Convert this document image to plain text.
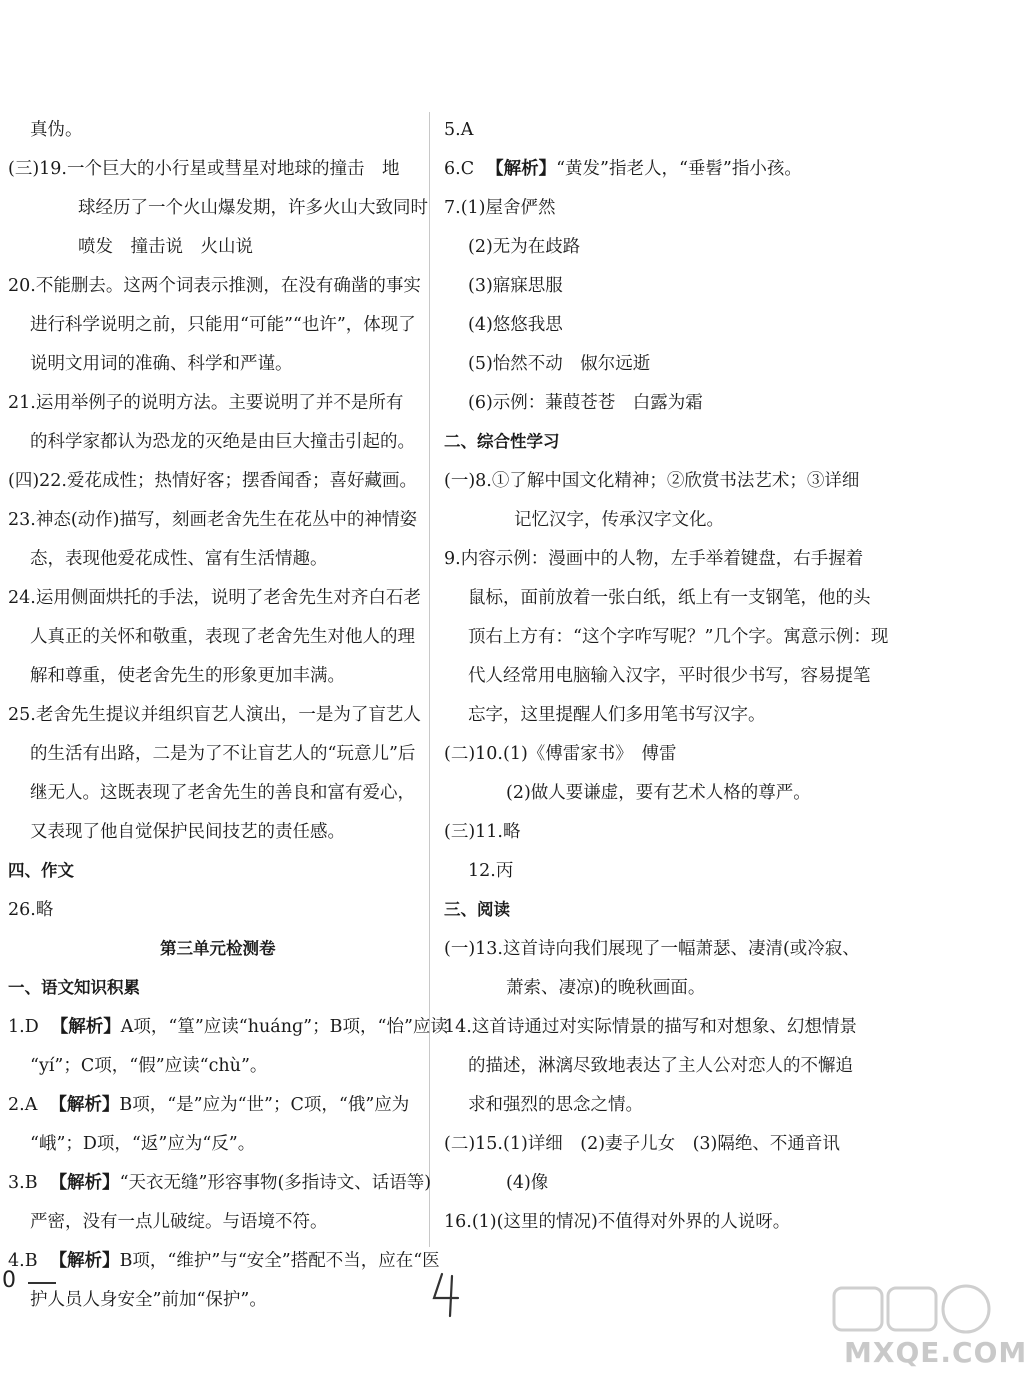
真伪。
(三)19.一个巨大的小行星或彗星对地球的撞击　地
球经历了一个火山爆发期，许多火山大致同时
喷发　撞击说　火山说
20.不能删去。这两个词表示推测，在没有确凿的事实
进行科学说明之前，只能用“可能”“也许”，体现了
说明文用词的准确、科学和严谨。
21.运用举例子的说明方法。主要说明了并不是所有
的科学家都认为恐龙的灭绝是由巨大撞击引起的。
(四)22.爱花成性；热情好客；摆香闻香；喜好藏画。
23.神态(动作)描写，刻画老舍先生在花丛中的神情姿
态，表现他爱花成性、富有生活情趣。
24.运用侧面烘托的手法，说明了老舍先生对齐白石老
人真正的关怀和敬重，表现了老舍先生对他人的理
解和尊重，使老舍先生的形象更加丰满。
25.老舍先生提议并组织盲艺人演出，一是为了盲艺人
的生活有出路，二是为了不让盲艺人的“玩意儿”后
继无人。这既表现了老舍先生的善良和富有爱心，
又表现了他自觉保护民间技艺的责任感。
四、作文
26.略
第三单元检测卷
一、语文知识积累
1.D 【解析】A项，“篁”应读“huánɡ”；B项，“怡”应读
“yí”；C项，“假”应读“chù”。
2.A 【解析】B项，“是”应为“世”；C项，“俄”应为
“峨”；D项，“返”应为“反”。
3.B 【解析】“天衣无缝”形容事物(多指诗文、话语等)
严密，没有一点儿破绽。与语境不符。
4.B 【解析】B项，“维护”与“安全”搭配不当，应在“医
5.A
6.C 【解析】“黄发”指老人，“垂髫”指小孩。
7.(1)屋舍俨然
(2)无为在歧路
(3)寤寐思服
(4)悠悠我思
(5)怡然不动　俶尔远逝
(6)示例：蒹葭苍苍　白露为霜
二、综合性学习
(一)8.①了解中国文化精神；②欣赏书法艺术；③详细
记忆汉字，传承汉字文化。
9.内容示例：漫画中的人物，左手举着键盘，右手握着
鼠标，面前放着一张白纸，纸上有一支钢笔，他的头
顶右上方有：“这个字咋写呢？”几个字。寓意示例：现
代人经常用电脑输入汉字，平时很少书写，容易提笔
忘字，这里提醒人们多用笔书写汉字。
(二)10.(1)《傅雷家书》　傅雷
(2)做人要谦虚，要有艺术人格的尊严。
(三)11.略
12.丙
三、阅读
(一)13.这首诗向我们展现了一幅萧瑟、凄清(或冷寂、
萧索、凄凉)的晚秋画面。
14.这首诗通过对实际情景的描写和对想象、幻想情景
的描述，淋漓尽致地表达了主人公对恋人的不懈追
求和强烈的思念之情。
(二)15.(1)详细　(2)妻子儿女　(3)隔绝、不通音讯
(4)像
16.(1)(这里的情况)不值得对外界的人说呀。
0
MXQE.COM
护人员人身安全”前加“保护”。
